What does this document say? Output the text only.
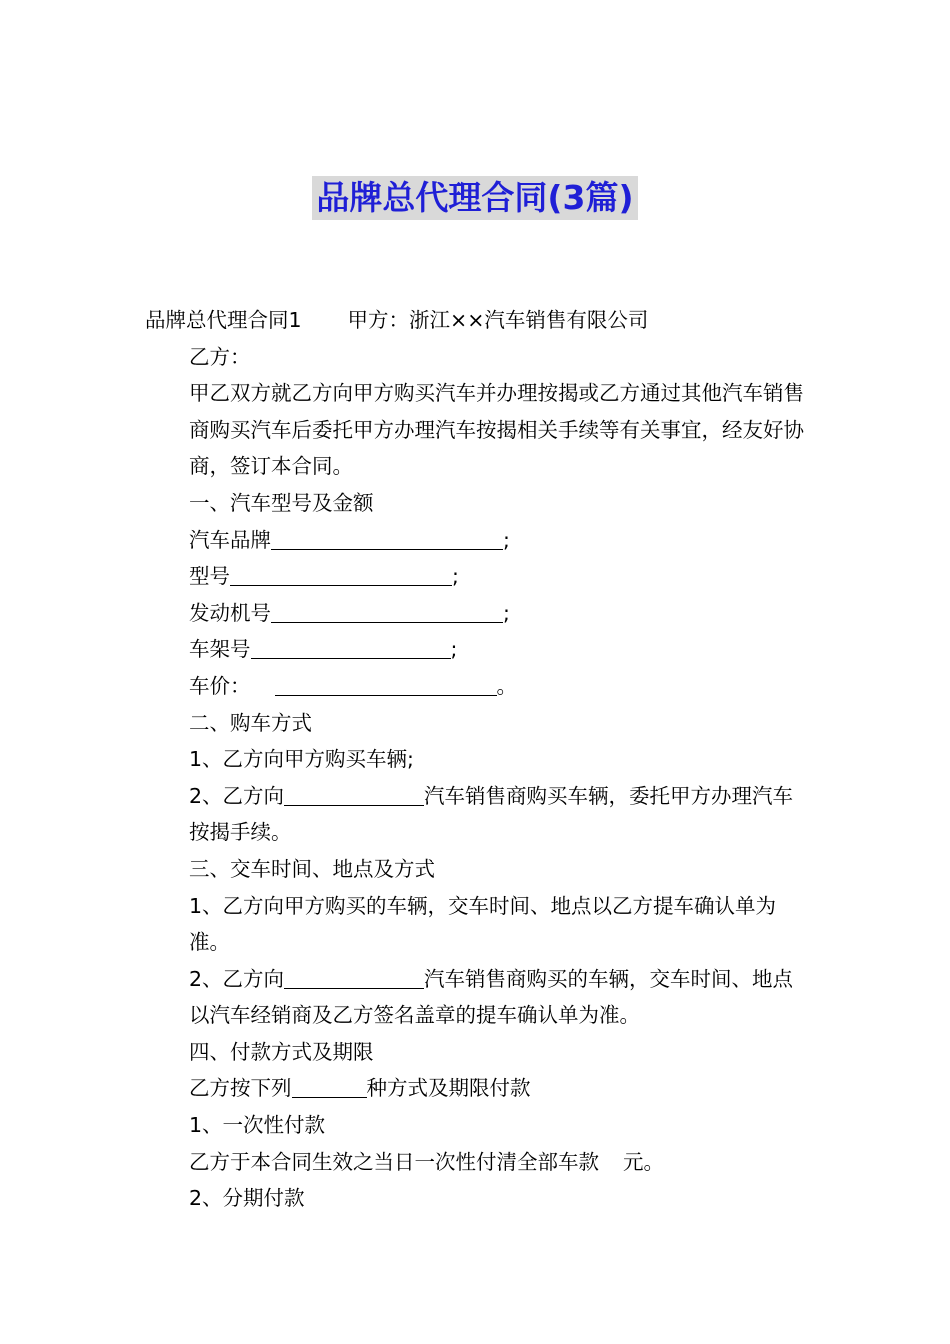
品牌总代理合同(3篇)

品牌总代理合同1 甲方：浙江××汽车销售有限公司

乙方：

甲乙双方就乙方向甲方购买汽车并办理按揭或乙方通过其他汽车销售商购买汽车后委托甲方办理汽车按揭相关手续等有关事宜，经友好协商，签订本合同。

一、汽车型号及金额

汽车品牌	;

型号	;

发动机号	;

车架号	;

车价：	。

二、购车方式

1、乙方向甲方购买车辆;

2、乙方向	汽车销售商购买车辆，委托甲方办理汽车按揭手续。

三、交车时间、地点及方式

1、乙方向甲方购买的车辆，交车时间、地点以乙方提车确认单为准。

2、乙方向	汽车销售商购买的车辆，交车时间、地点以汽车经销商及乙方签名盖章的提车确认单为准。

四、付款方式及期限

乙方按下列	种方式及期限付款

1、一次性付款

乙方于本合同生效之当日一次性付清全部车款 元。

2、分期付款
